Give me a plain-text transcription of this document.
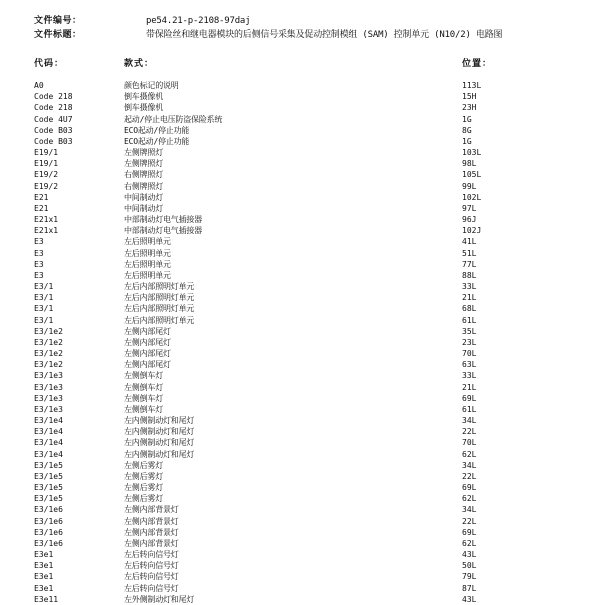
文件编号：	pe54.21-p-2108-97daj
文件标题：	带保险丝和继电器模块的后侧信号采集及促动控制模组 (SAM) 控制单元 (N10/2) 电路图
代码：	款式：	位置：
A0	颜色标记的说明	113L
Code 218	倒车摄像机	15H
Code 218	倒车摄像机	23H
Code 4U7	起动/停止电压防盗保险系统	1G
Code B03	ECO起动/停止功能	8G
Code B03	ECO起动/停止功能	1G
E19/1	左侧牌照灯	103L
E19/1	左侧牌照灯	98L
E19/2	右侧牌照灯	105L
E19/2	右侧牌照灯	99L
E21	中间制动灯	102L
E21	中间制动灯	97L
E21x1	中部制动灯电气插接器	96J
E21x1	中部制动灯电气插接器	102J
E3	左后照明单元	41L
E3	左后照明单元	51L
E3	左后照明单元	77L
E3	左后照明单元	88L
E3/1	左后内部照明灯单元	33L
E3/1	左后内部照明灯单元	21L
E3/1	左后内部照明灯单元	68L
E3/1	左后内部照明灯单元	61L
E3/1e2	左侧内部尾灯	35L
E3/1e2	左侧内部尾灯	23L
E3/1e2	左侧内部尾灯	70L
E3/1e2	左侧内部尾灯	63L
E3/1e3	左侧倒车灯	33L
E3/1e3	左侧倒车灯	21L
E3/1e3	左侧倒车灯	69L
E3/1e3	左侧倒车灯	61L
E3/1e4	左内侧制动灯和尾灯	34L
E3/1e4	左内侧制动灯和尾灯	22L
E3/1e4	左内侧制动灯和尾灯	70L
E3/1e4	左内侧制动灯和尾灯	62L
E3/1e5	左侧后雾灯	34L
E3/1e5	左侧后雾灯	22L
E3/1e5	左侧后雾灯	69L
E3/1e5	左侧后雾灯	62L
E3/1e6	左侧内部背景灯	34L
E3/1e6	左侧内部背景灯	22L
E3/1e6	左侧内部背景灯	69L
E3/1e6	左侧内部背景灯	62L
E3e1	左后转向信号灯	43L
E3e1	左后转向信号灯	50L
E3e1	左后转向信号灯	79L
E3e1	左后转向信号灯	87L
E3e11	左外侧制动灯和尾灯	43L
